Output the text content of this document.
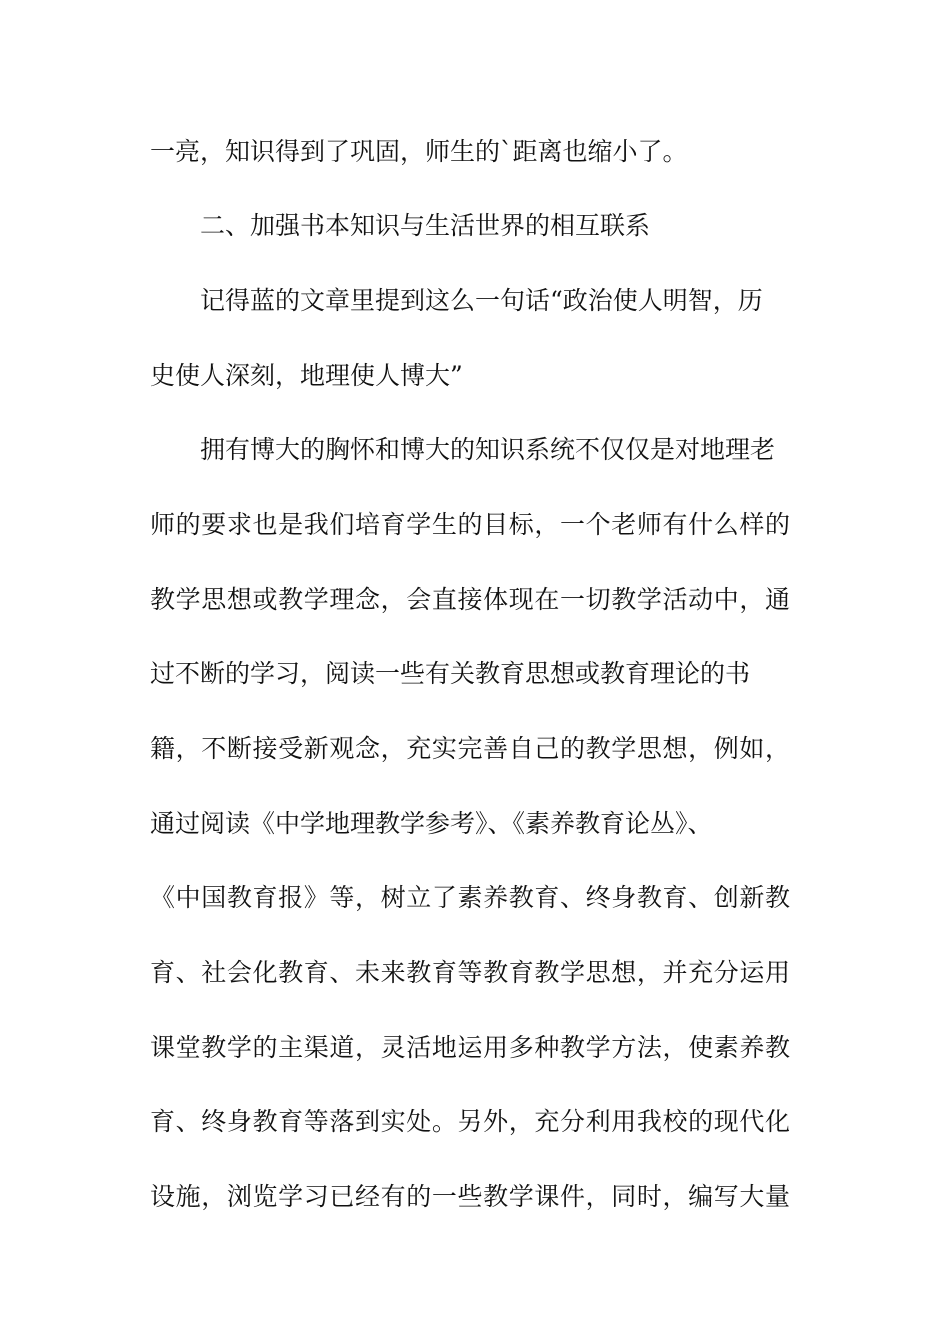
一亮，知识得到了巩固，师生的`距离也缩小了。
二、加强书本知识与生活世界的相互联系
记得蓝的文章里提到这么一句话“政治使人明智，历
史使人深刻，地理使人博大”
拥有博大的胸怀和博大的知识系统不仅仅是对地理老
师的要求也是我们培育学生的目标，一个老师有什么样的
教学思想或教学理念，会直接体现在一切教学活动中，通
过不断的学习，阅读一些有关教育思想或教育理论的书
籍，不断接受新观念，充实完善自己的教学思想，例如，
通过阅读《中学地理教学参考》、《素养教育论丛》、
《中国教育报》等，树立了素养教育、终身教育、创新教
育、社会化教育、未来教育等教育教学思想，并充分运用
课堂教学的主渠道，灵活地运用多种教学方法，使素养教
育、终身教育等落到实处。另外，充分利用我校的现代化
设施，浏览学习已经有的一些教学课件，同时，编写大量
